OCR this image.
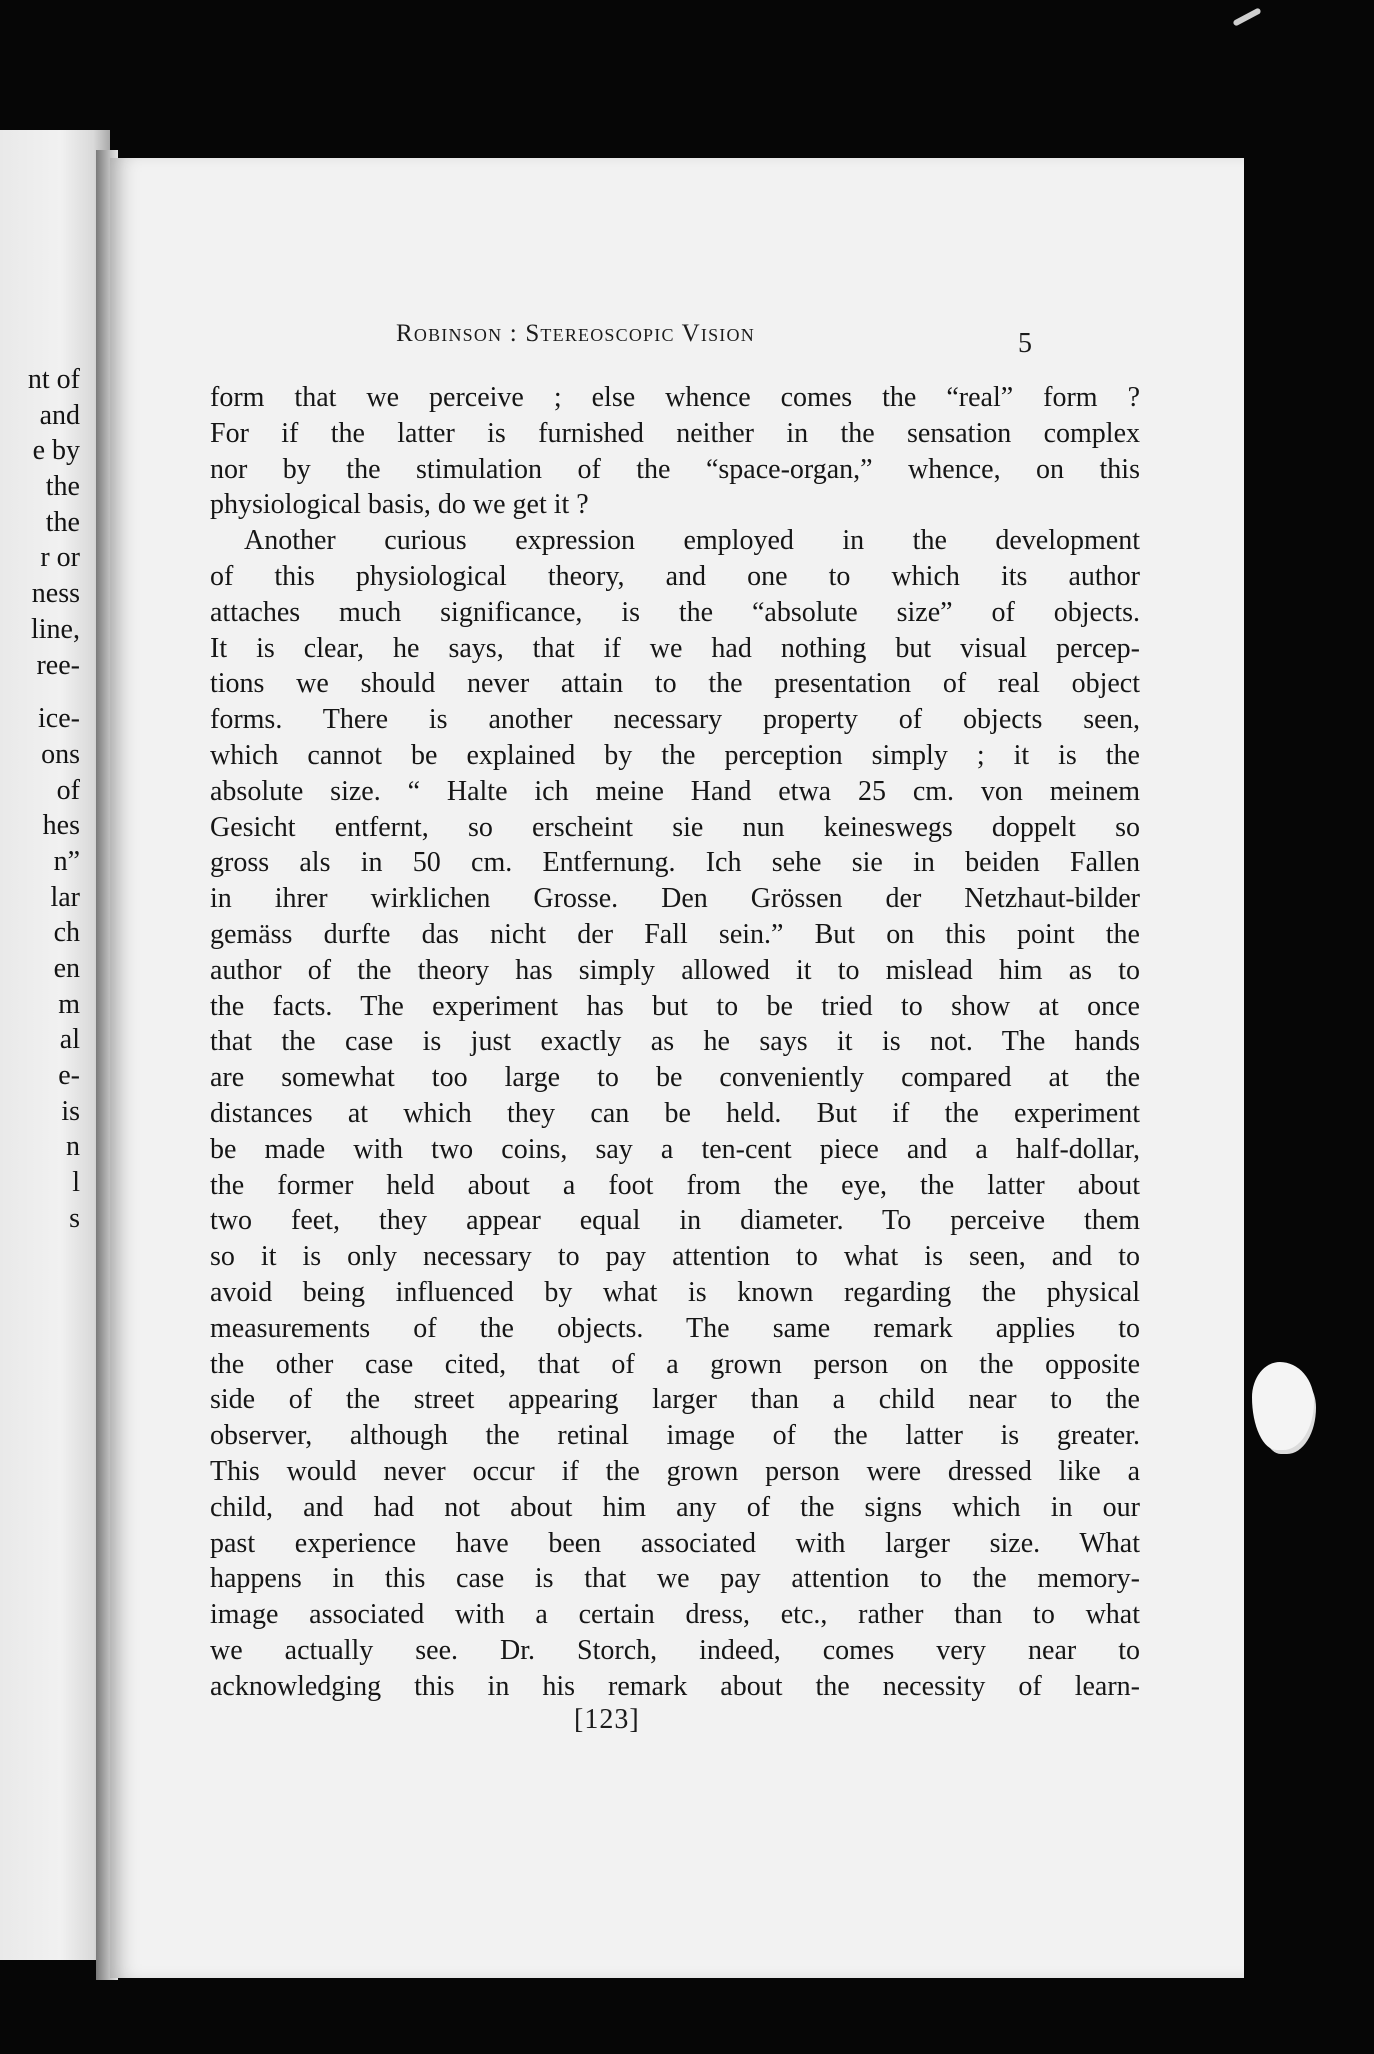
nt of
and
e by
the
the
r or
ness
line,
ree-
ice-
ons
of
hes
n”
lar
ch
en
m
al
e-
is
n
l
s
Robinson : Stereoscopic Vision	5
form that we perceive ; else whence comes the “real” form ?
For if the latter is furnished neither in the sensation complex
nor by the stimulation of the “space-organ,” whence, on this
physiological basis, do we get it ?
Another curious expression employed in the development
of this physiological theory, and one to which its author
attaches much significance, is the “absolute size” of objects.
It is clear, he says, that if we had nothing but visual percep-
tions we should never attain to the presentation of real object
forms. There is another necessary property of objects seen,
which cannot be explained by the perception simply ; it is the
absolute size. “ Halte ich meine Hand etwa 25 cm. von meinem
Gesicht entfernt, so erscheint sie nun keineswegs doppelt so
gross als in 50 cm. Entfernung. Ich sehe sie in beiden Fallen
in ihrer wirklichen Grosse. Den Grössen der Netzhaut-bilder
gemäss durfte das nicht der Fall sein.” But on this point the
author of the theory has simply allowed it to mislead him as to
the facts. The experiment has but to be tried to show at once
that the case is just exactly as he says it is not. The hands
are somewhat too large to be conveniently compared at the
distances at which they can be held. But if the experiment
be made with two coins, say a ten-cent piece and a half-dollar,
the former held about a foot from the eye, the latter about
two feet, they appear equal in diameter. To perceive them
so it is only necessary to pay attention to what is seen, and to
avoid being influenced by what is known regarding the physical
measurements of the objects. The same remark applies to
the other case cited, that of a grown person on the opposite
side of the street appearing larger than a child near to the
observer, although the retinal image of the latter is greater.
This would never occur if the grown person were dressed like a
child, and had not about him any of the signs which in our
past experience have been associated with larger size. What
happens in this case is that we pay attention to the memory-
image associated with a certain dress, etc., rather than to what
we actually see. Dr. Storch, indeed, comes very near to
acknowledging this in his remark about the necessity of learn-
[123]
